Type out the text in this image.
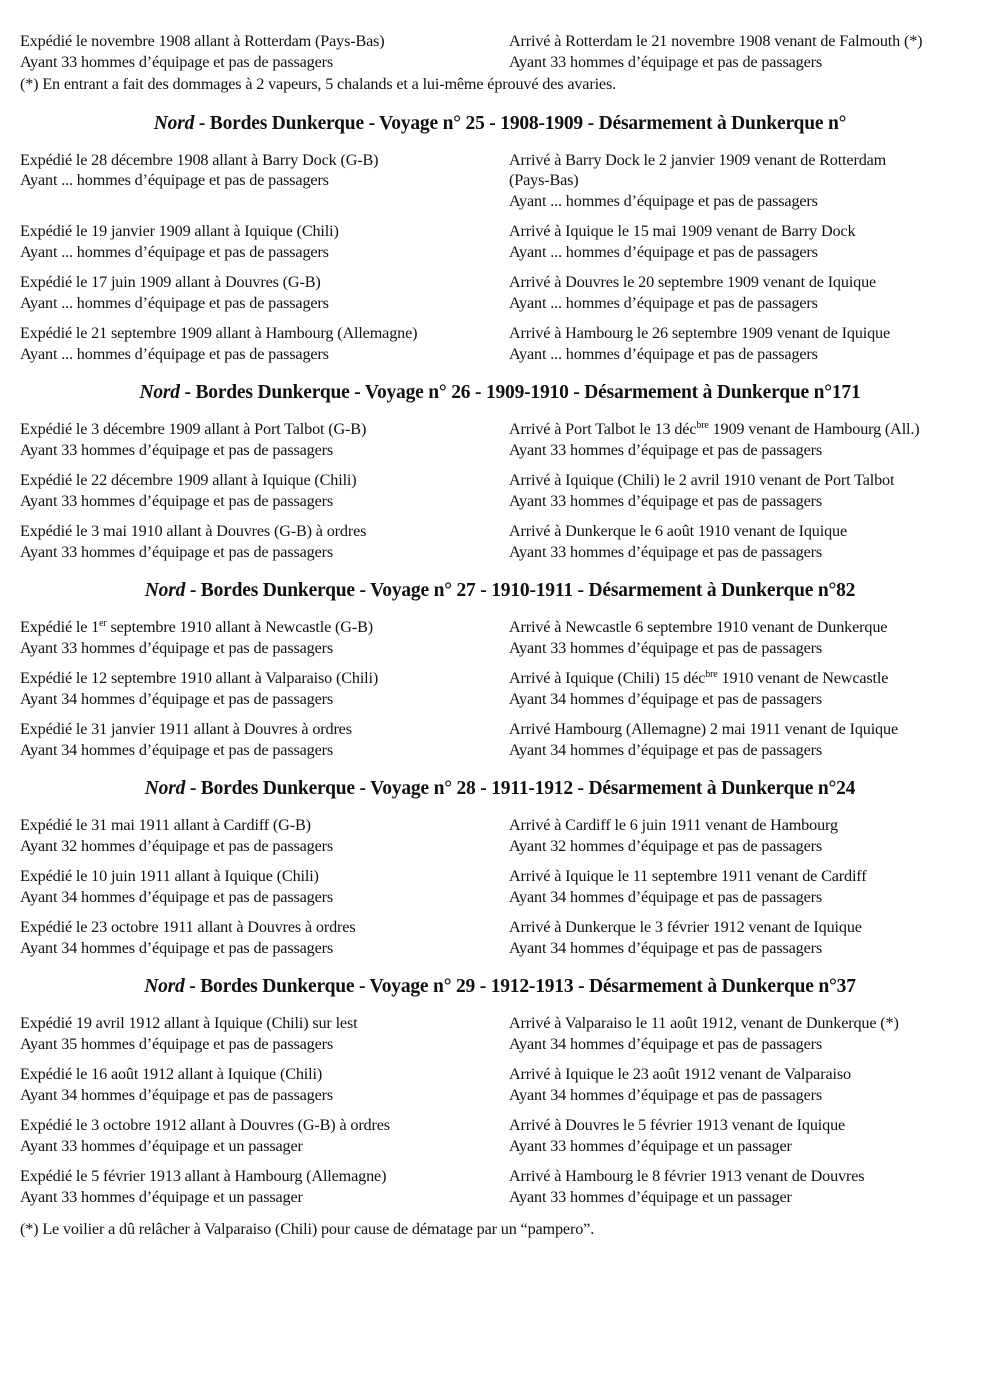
Expédié le novembre 1908 allant à Rotterdam (Pays-Bas)
Ayant 33 hommes d’équipage et pas de passagers
Arrivé à Rotterdam le 21 novembre 1908 venant de Falmouth (*)
Ayant 33 hommes d’équipage et pas de passagers
(*) En entrant a fait des dommages à 2 vapeurs, 5 chalands et a lui-même éprouvé des avaries.
Nord - Bordes Dunkerque - Voyage n° 25 - 1908-1909 - Désarmement à Dunkerque n°
Expédié le 28 décembre 1908 allant à Barry Dock (G-B)
Ayant ... hommes d’équipage et pas de passagers
Arrivé à Barry Dock le 2 janvier 1909 venant de Rotterdam
(Pays-Bas)
Ayant ... hommes d’équipage et pas de passagers
Expédié le 19 janvier 1909 allant à Iquique (Chili)
Ayant ... hommes d’équipage et pas de passagers
Arrivé à Iquique le 15 mai 1909 venant de Barry Dock
Ayant ... hommes d’équipage et pas de passagers
Expédié le 17 juin 1909 allant à Douvres (G-B)
Ayant ... hommes d’équipage et pas de passagers
Arrivé à Douvres le 20 septembre 1909 venant de Iquique
Ayant ... hommes d’équipage et pas de passagers
Expédié le 21 septembre 1909 allant à Hambourg (Allemagne)
Ayant ... hommes d’équipage et pas de passagers
Arrivé à Hambourg le 26 septembre 1909 venant de Iquique
Ayant ... hommes d’équipage et pas de passagers
Nord - Bordes Dunkerque - Voyage n° 26 - 1909-1910 - Désarmement à Dunkerque n°171
Expédié le 3 décembre 1909 allant à Port Talbot (G-B)
Ayant 33 hommes d’équipage et pas de passagers
Arrivé à Port Talbot le 13 déc$^{bre}$ 1909 venant de Hambourg (All.)
Ayant 33 hommes d’équipage et pas de passagers
Expédié le 22 décembre 1909 allant à Iquique (Chili)
Ayant 33 hommes d’équipage et pas de passagers
Arrivé à Iquique (Chili) le 2 avril 1910 venant de Port Talbot
Ayant 33 hommes d’équipage et pas de passagers
Expédié le 3 mai 1910 allant à Douvres (G-B) à ordres
Ayant 33 hommes d’équipage et pas de passagers
Arrivé à Dunkerque le 6 août 1910 venant de Iquique
Ayant 33 hommes d’équipage et pas de passagers
Nord - Bordes Dunkerque - Voyage n° 27 - 1910-1911 - Désarmement à Dunkerque n°82
Expédié le 1er septembre 1910 allant à Newcastle (G-B)
Ayant 33 hommes d’équipage et pas de passagers
Arrivé à Newcastle 6 septembre 1910 venant de Dunkerque
Ayant 33 hommes d’équipage et pas de passagers
Expédié le 12 septembre 1910 allant à Valparaiso (Chili)
Ayant 34 hommes d’équipage et pas de passagers
Arrivé à Iquique (Chili) 15 déc$^{bre}$ 1910 venant de Newcastle
Ayant 34 hommes d’équipage et pas de passagers
Expédié le 31 janvier 1911 allant à Douvres à ordres
Ayant 34 hommes d’équipage et pas de passagers
Arrivé Hambourg (Allemagne) 2 mai 1911 venant de Iquique
Ayant 34 hommes d’équipage et pas de passagers
Nord - Bordes Dunkerque - Voyage n° 28 - 1911-1912 - Désarmement à Dunkerque n°24
Expédié le 31 mai 1911 allant à Cardiff (G-B)
Ayant 32 hommes d’équipage et pas de passagers
Arrivé à Cardiff le 6 juin 1911 venant de Hambourg
Ayant 32 hommes d’équipage et pas de passagers
Expédié le 10 juin 1911 allant à Iquique (Chili)
Ayant 34 hommes d’équipage et pas de passagers
Arrivé à Iquique le 11 septembre 1911 venant de Cardiff
Ayant 34 hommes d’équipage et pas de passagers
Expédié le 23 octobre 1911 allant à Douvres à ordres
Ayant 34 hommes d’équipage et pas de passagers
Arrivé à Dunkerque le 3 février 1912 venant de Iquique
Ayant 34 hommes d’équipage et pas de passagers
Nord - Bordes Dunkerque - Voyage n° 29 - 1912-1913 - Désarmement à Dunkerque n°37
Expédié 19 avril 1912 allant à Iquique (Chili) sur lest
Ayant 35 hommes d’équipage et pas de passagers
Arrivé à Valparaiso le 11 août 1912, venant de Dunkerque (*)
Ayant 34 hommes d’équipage et pas de passagers
Expédié le 16 août 1912 allant à Iquique (Chili)
Ayant 34 hommes d’équipage et pas de passagers
Arrivé à Iquique le 23 août 1912 venant de Valparaiso
Ayant 34 hommes d’équipage et pas de passagers
Expédié le 3 octobre 1912 allant à Douvres (G-B) à ordres
Ayant 33 hommes d’équipage et un passager
Arrivé à Douvres le 5 février 1913 venant de Iquique
Ayant 33 hommes d’équipage et un passager
Expédié le 5 février 1913 allant à Hambourg (Allemagne)
Ayant 33 hommes d’équipage et un passager
Arrivé à Hambourg le 8 février 1913 venant de Douvres
Ayant 33 hommes d’équipage et un passager
(*) Le voilier a dû relâcher à Valparaiso (Chili) pour cause de dématage par un “pampero”.
